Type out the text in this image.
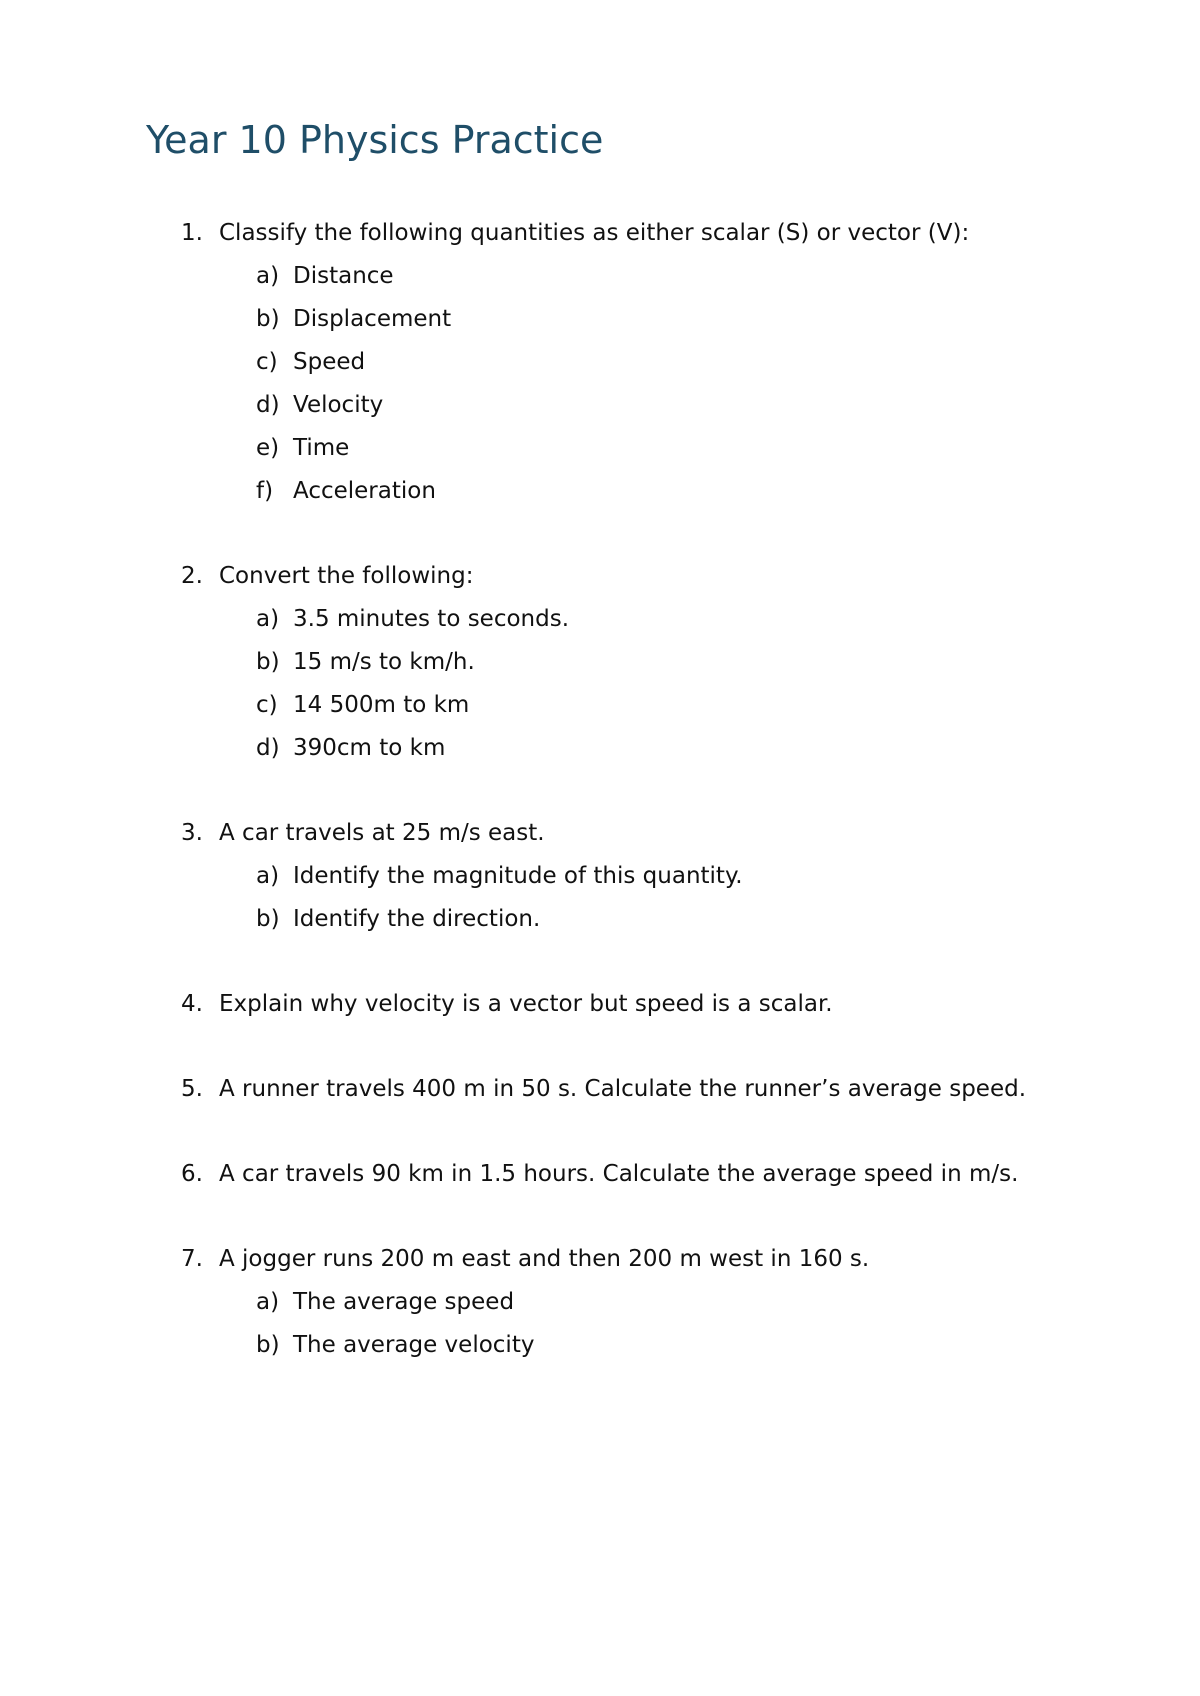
Year 10 Physics Practice
1. Classify the following quantities as either scalar (S) or vector (V):
a) Distance
b) Displacement
c) Speed
d) Velocity
e) Time
f) Acceleration
2. Convert the following:
a) 3.5 minutes to seconds.
b) 15 m/s to km/h.
c) 14 500m to km
d) 390cm to km
3. A car travels at 25 m/s east.
a) Identify the magnitude of this quantity.
b) Identify the direction.
4. Explain why velocity is a vector but speed is a scalar.
5. A runner travels 400 m in 50 s. Calculate the runner’s average speed.
6. A car travels 90 km in 1.5 hours. Calculate the average speed in m/s.
7. A jogger runs 200 m east and then 200 m west in 160 s.
a) The average speed
b) The average velocity
